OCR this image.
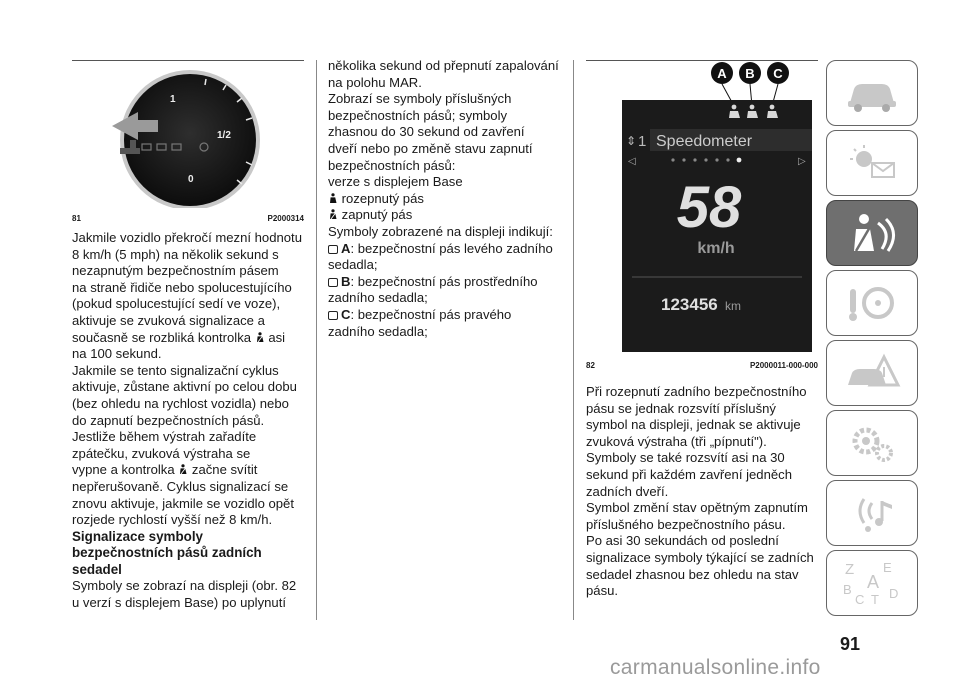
1
1/2
0
81	P2000314

Jakmile vozidlo překročí mezní hodnotu

8 km/h (5 mph) na několik sekund s

nezapnutým bezpečnostním pásem

na straně řidiče nebo spolucestujícího

(pokud spolucestující sedí ve voze),

aktivuje se zvuková signalizace a

současně se rozbliká kontrolka asi

na 100 sekund.

Jakmile se tento signalizační cyklus

aktivuje, zůstane aktivní po celou dobu

(bez ohledu na rychlost vozidla) nebo

do zapnutí bezpečnostních pásů.

Jestliže během výstrah zařadíte

zpátečku, zvuková výstraha se

vypne a kontrolka začne svítit

nepřerušovaně. Cyklus signalizací se

znovu aktivuje, jakmile se vozidlo opět

rozjede rychlostí vyšší než 8 km/h.

Signalizace symboly
bezpečnostních pásů zadních
sedadel

Symboly se zobrazí na displeji (obr. 82

u verzí s displejem Base) po uplynutí

několika sekund od přepnutí zapalování

na polohu MAR.

Zobrazí se symboly příslušných

bezpečnostních pásů; symboly

zhasnou do 30 sekund od zavření

dveří nebo po změně stavu zapnutí

bezpečnostních pásů:

verze s displejem Base

rozepnutý pás

zapnutý pás

Symboly zobrazené na displeji indikují:

A: bezpečnostní pás levého zadního

sedadla;

B: bezpečnostní pás prostředního

zadního sedadla;

C: bezpečnostní pás pravého

zadního sedadla;

A B C
⇕ 1 Speedometer
◁	▷
58
km/h
123456 km
82	P2000011-000-000

Při rozepnutí zadního bezpečnostního

pásu se jednak rozsvítí příslušný

symbol na displeji, jednak se aktivuje

zvuková výstraha (tři „pípnutí").

Symboly se také rozsvítí asi na 30

sekund při každém zavření jedněch

zadních dveří.

Symbol změní stav opětným zapnutím

příslušného bezpečnostního pásu.

Po asi 30 sekundách od poslední

signalizace symboly týkající se zadních

sedadel zhasnou bez ohledu na stav

pásu.

Z E
A
B
C T D
91
carmanualsonline.info
